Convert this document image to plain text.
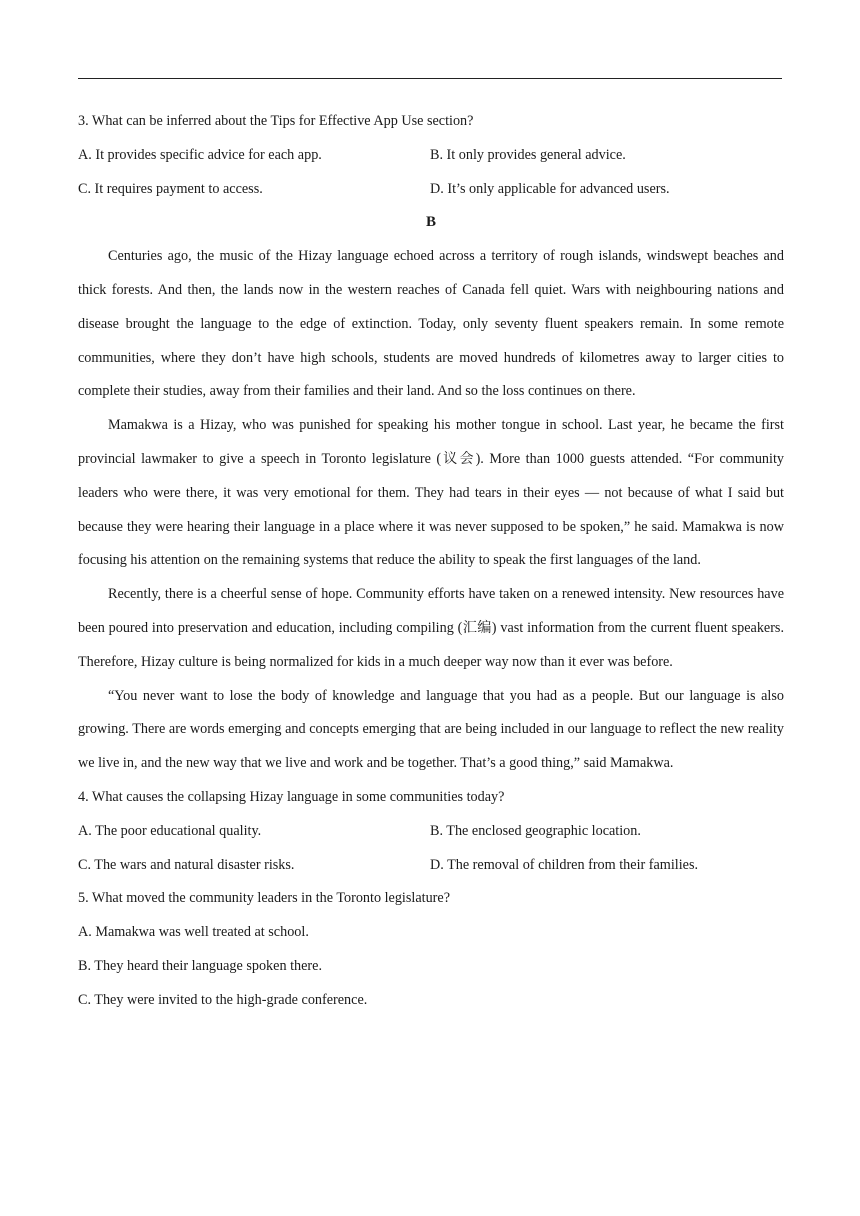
3. What can be inferred about the Tips for Effective App Use section?
A. It provides specific advice for each app.	B. It only provides general advice.
C. It requires payment to access.	D. It’s only applicable for advanced users.
B

Centuries ago, the music of the Hizay language echoed across a territory of rough islands, windswept beaches and thick forests. And then, the lands now in the western reaches of Canada fell quiet. Wars with neighbouring nations and disease brought the language to the edge of extinction. Today, only seventy fluent speakers remain. In some remote communities, where they don’t have high schools, students are moved hundreds of kilometres away to larger cities to complete their studies, away from their families and their land. And so the loss continues on there.

Mamakwa is a Hizay, who was punished for speaking his mother tongue in school. Last year, he became the first provincial lawmaker to give a speech in Toronto legislature (议会). More than 1000 guests attended. “For community leaders who were there, it was very emotional for them. They had tears in their eyes — not because of what I said but because they were hearing their language in a place where it was never supposed to be spoken,” he said. Mamakwa is now focusing his attention on the remaining systems that reduce the ability to speak the first languages of the land.

Recently, there is a cheerful sense of hope. Community efforts have taken on a renewed intensity. New resources have been poured into preservation and education, including compiling (汇编) vast information from the current fluent speakers. Therefore, Hizay culture is being normalized for kids in a much deeper way now than it ever was before.

“You never want to lose the body of knowledge and language that you had as a people. But our language is also growing. There are words emerging and concepts emerging that are being included in our language to reflect the new reality we live in, and the new way that we live and work and be together. That’s a good thing,” said Mamakwa.

4. What causes the collapsing Hizay language in some communities today?
A. The poor educational quality.	B. The enclosed geographic location.
C. The wars and natural disaster risks.	D. The removal of children from their families.
5. What moved the community leaders in the Toronto legislature?
A. Mamakwa was well treated at school.
B. They heard their language spoken there.
C. They were invited to the high-grade conference.
